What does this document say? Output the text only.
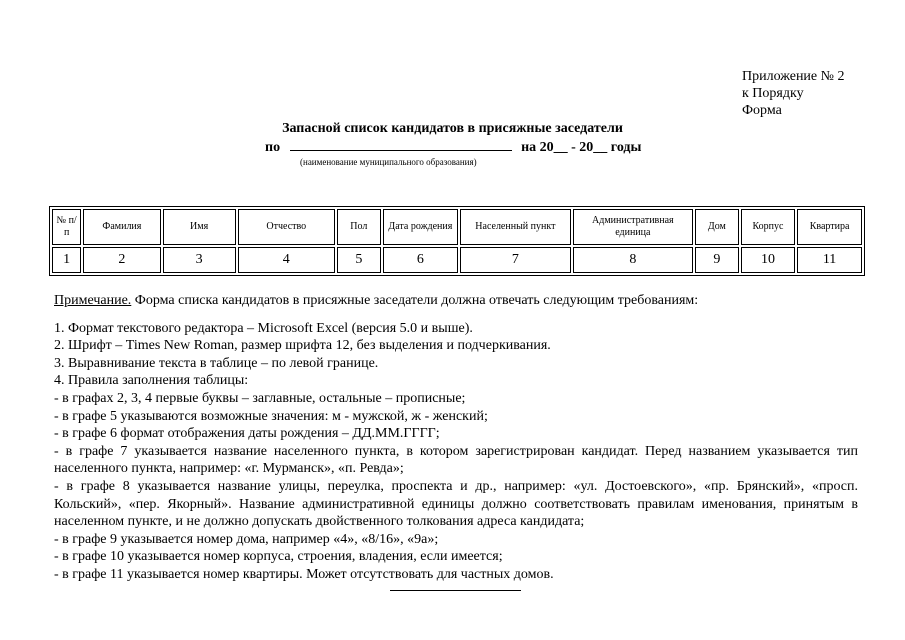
Приложение № 2
к Порядку
Форма
Запасной список кандидатов в присяжные заседатели
по	на 20__ - 20__ годы
(наименование муниципального образования)
№ п/п	Фамилия	Имя	Отчество	Пол	Дата рождения	Населенный пункт	Административная единица	Дом	Корпус	Квартира
1	2	3	4	5	6	7	8	9	10	11

Примечание. Форма списка кандидатов в присяжные заседатели должна отвечать следующим требованиям:

1. Формат текстового редактора – Microsoft Excel (версия 5.0 и выше).

2. Шрифт – Times New Roman, размер шрифта 12, без выделения и подчеркивания.

3. Выравнивание текста в таблице – по левой границе.

4. Правила заполнения таблицы:

- в графах 2, 3, 4 первые буквы – заглавные, остальные – прописные;

- в графе 5 указываются возможные значения: м - мужской, ж - женский;

- в графе 6 формат отображения даты рождения – ДД.ММ.ГГГГ;

- в графе 7 указывается название населенного пункта, в котором зарегистрирован кандидат. Перед названием указывается тип населенного пункта, например: «г. Мурманск», «п. Ревда»;

- в графе 8 указывается название улицы, переулка, проспекта и др., например: «ул. Достоевского», «пр. Брянский», «просп. Кольский», «пер. Якорный». Название административной единицы должно соответствовать правилам именования, принятым в населенном пункте, и не должно допускать двойственного толкования адреса кандидата;

- в графе 9 указывается номер дома, например «4», «8/16», «9а»;

- в графе 10 указывается номер корпуса, строения, владения, если имеется;

- в графе 11 указывается номер квартиры. Может отсутствовать для частных домов.
